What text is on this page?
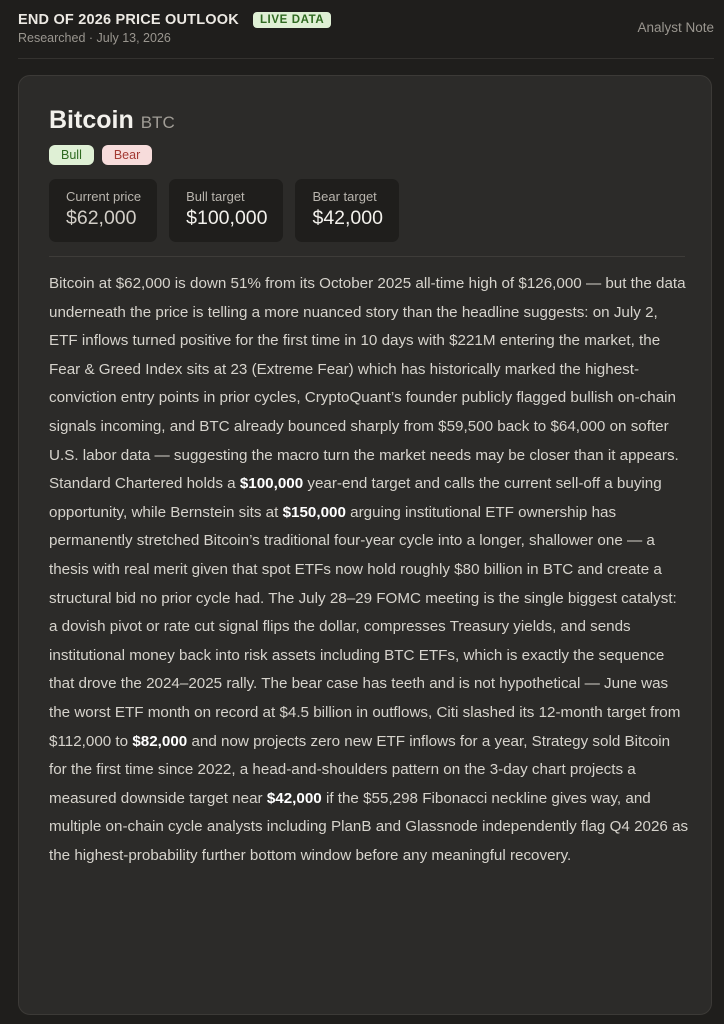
END OF 2026 PRICE OUTLOOK	LIVE DATA
Researched · July 13, 2026
Analyst Note
Bitcoin BTC
Bull	Bear
Current price
$62,000
Bull target
$100,000
Bear target
$42,000
Bitcoin at $62,000 is down 51% from its October 2025 all-time high of $126,000 — but the data underneath the price is telling a more nuanced story than the headline suggests: on July 2, ETF inflows turned positive for the first time in 10 days with $221M entering the market, the Fear & Greed Index sits at 23 (Extreme Fear) which has historically marked the highest-conviction entry points in prior cycles, CryptoQuant’s founder publicly flagged bullish on-chain signals incoming, and BTC already bounced sharply from $59,500 back to $64,000 on softer U.S. labor data — suggesting the macro turn the market needs may be closer than it appears. Standard Chartered holds a $100,000 year-end target and calls the current sell-off a buying opportunity, while Bernstein sits at $150,000 arguing institutional ETF ownership has permanently stretched Bitcoin’s traditional four-year cycle into a longer, shallower one — a thesis with real merit given that spot ETFs now hold roughly $80 billion in BTC and create a structural bid no prior cycle had. The July 28–29 FOMC meeting is the single biggest catalyst: a dovish pivot or rate cut signal flips the dollar, compresses Treasury yields, and sends institutional money back into risk assets including BTC ETFs, which is exactly the sequence that drove the 2024–2025 rally. The bear case has teeth and is not hypothetical — June was the worst ETF month on record at $4.5 billion in outflows, Citi slashed its 12-month target from $112,000 to $82,000 and now projects zero new ETF inflows for a year, Strategy sold Bitcoin for the first time since 2022, a head-and-shoulders pattern on the 3-day chart projects a measured downside target near $42,000 if the $55,298 Fibonacci neckline gives way, and multiple on-chain cycle analysts including PlanB and Glassnode independently flag Q4 2026 as the highest-probability further bottom window before any meaningful recovery.
